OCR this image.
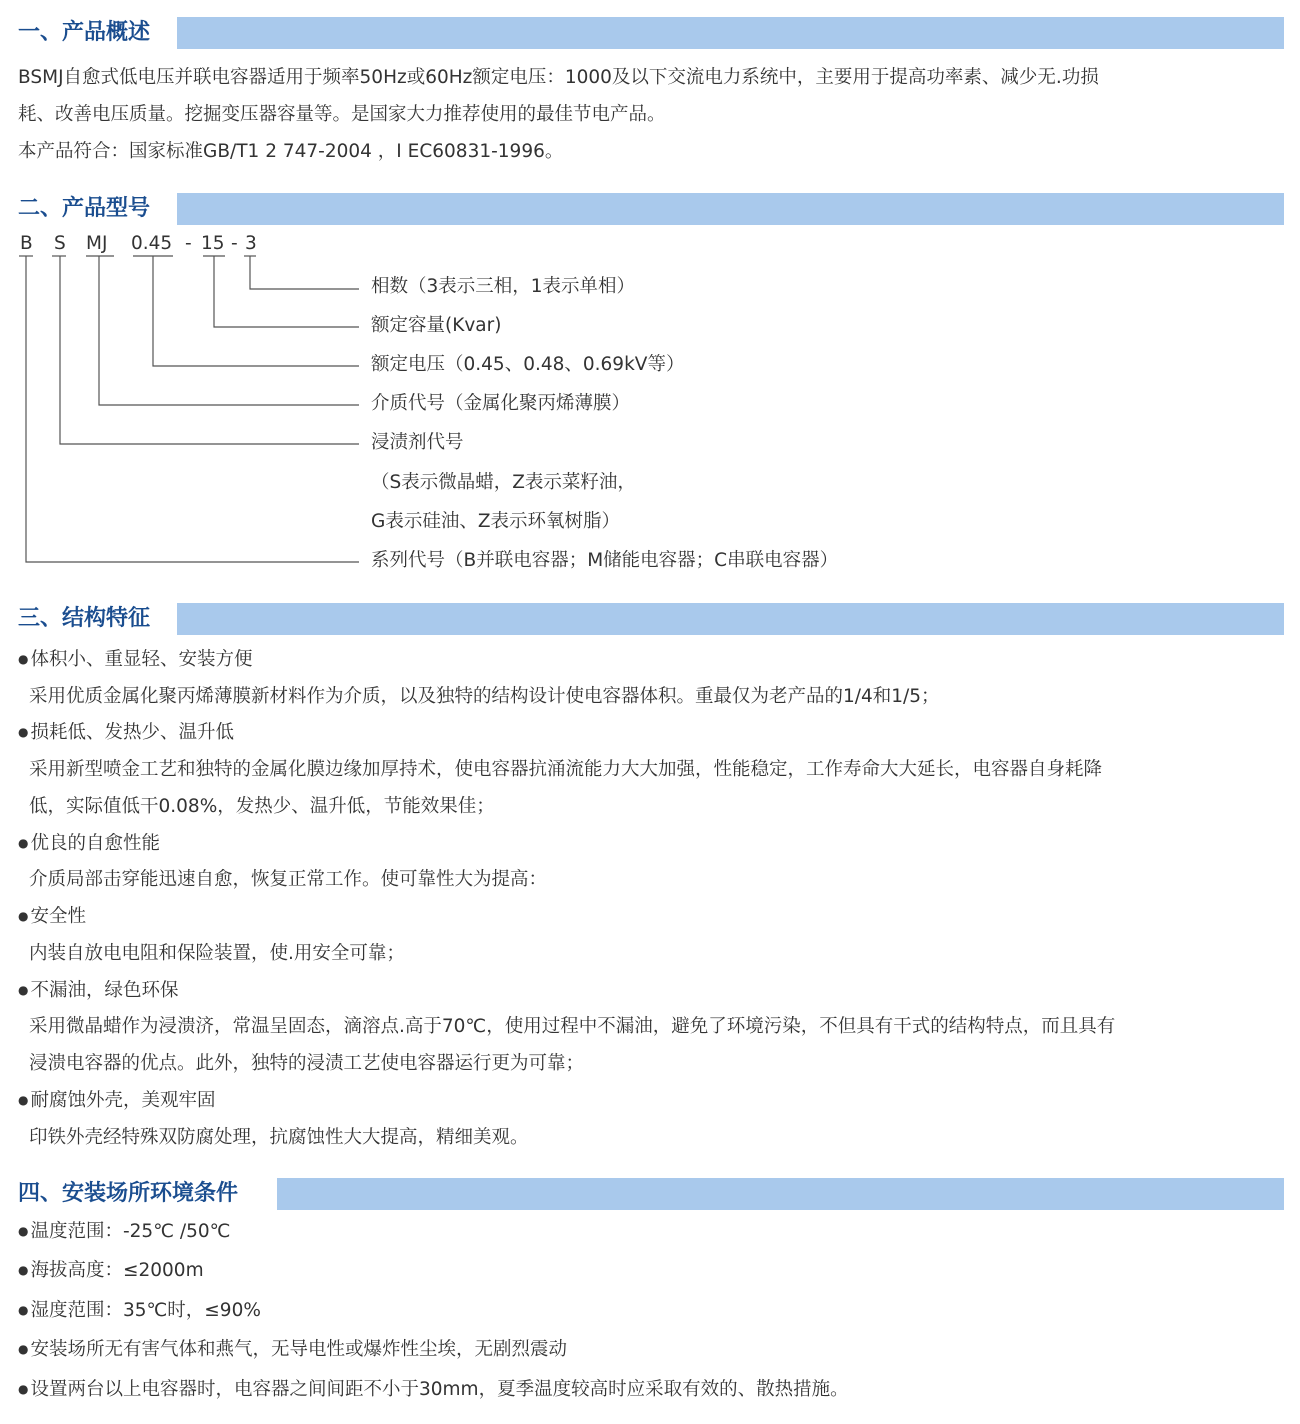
一、产品概述
BSMJ自愈式低电压并联电容器适用于频率50Hz或60Hz额定电压：1000及以下交流电力系统中，主要用于提高功率素、减少无.功损
耗、改善电压质量。挖掘变压器容量等。是国家大力推荐使用的最佳节电产品。
本产品符合：国家标准GB/T1 2 747-2004 ，I EC60831-1996。
二、产品型号
B S MJ 0.45 - 15 - 3
相数（3表示三相，1表示单相）
额定容量(Kvar)
额定电压（0.45、0.48、0.69kV等）
介质代号（金属化聚丙烯薄膜）
浸渍剂代号
（S表示微晶蜡，Z表示菜籽油，
G表示硅油、Z表示环氧树脂）
系列代号（B并联电容器；M储能电容器；C串联电容器）
三、结构特征
● 体积小、重显轻、安装方便
采用优质金属化聚丙烯薄膜新材料作为介质，以及独特的结构设计使电容器体积。重最仅为老产品的1/4和1/5；
● 损耗低、发热少、温升低
采用新型喷金工艺和独特的金属化膜边缘加厚持术，使电容器抗涌流能力大大加强，性能稳定，工作寿命大大延长，电容器自身耗降
低，实际值低干0.08%，发热少、温升低，节能效果佳；
● 优良的自愈性能
介质局部击穿能迅速自愈，恢复正常工作。使可靠性大为提高：
● 安全性
内装自放电电阻和保险装置，使.用安全可靠；
● 不漏油，绿色环保
采用微晶蜡作为浸溃济，常温呈固态，滴溶点.高于70℃，使用过程中不漏油，避免了环境污染，不但具有干式的结构特点，而且具有
浸溃电容器的优点。此外，独特的浸渍工艺使电容器运行更为可靠；
● 耐腐蚀外壳，美观牢固
印铁外壳经特殊双防腐处理，抗腐蚀性大大提高，精细美观。
四、安装场所环境条件
● 温度范围：-25℃ /50℃
● 海拔高度：≤2000m
● 湿度范围：35℃时，≤90%
● 安装场所无有害气体和燕气，无导电性或爆炸性尘埃，无剧烈震动
● 设置两台以上电容器时，电容器之间间距不小于30mm，夏季温度较高时应采取有效的、散热措施。
